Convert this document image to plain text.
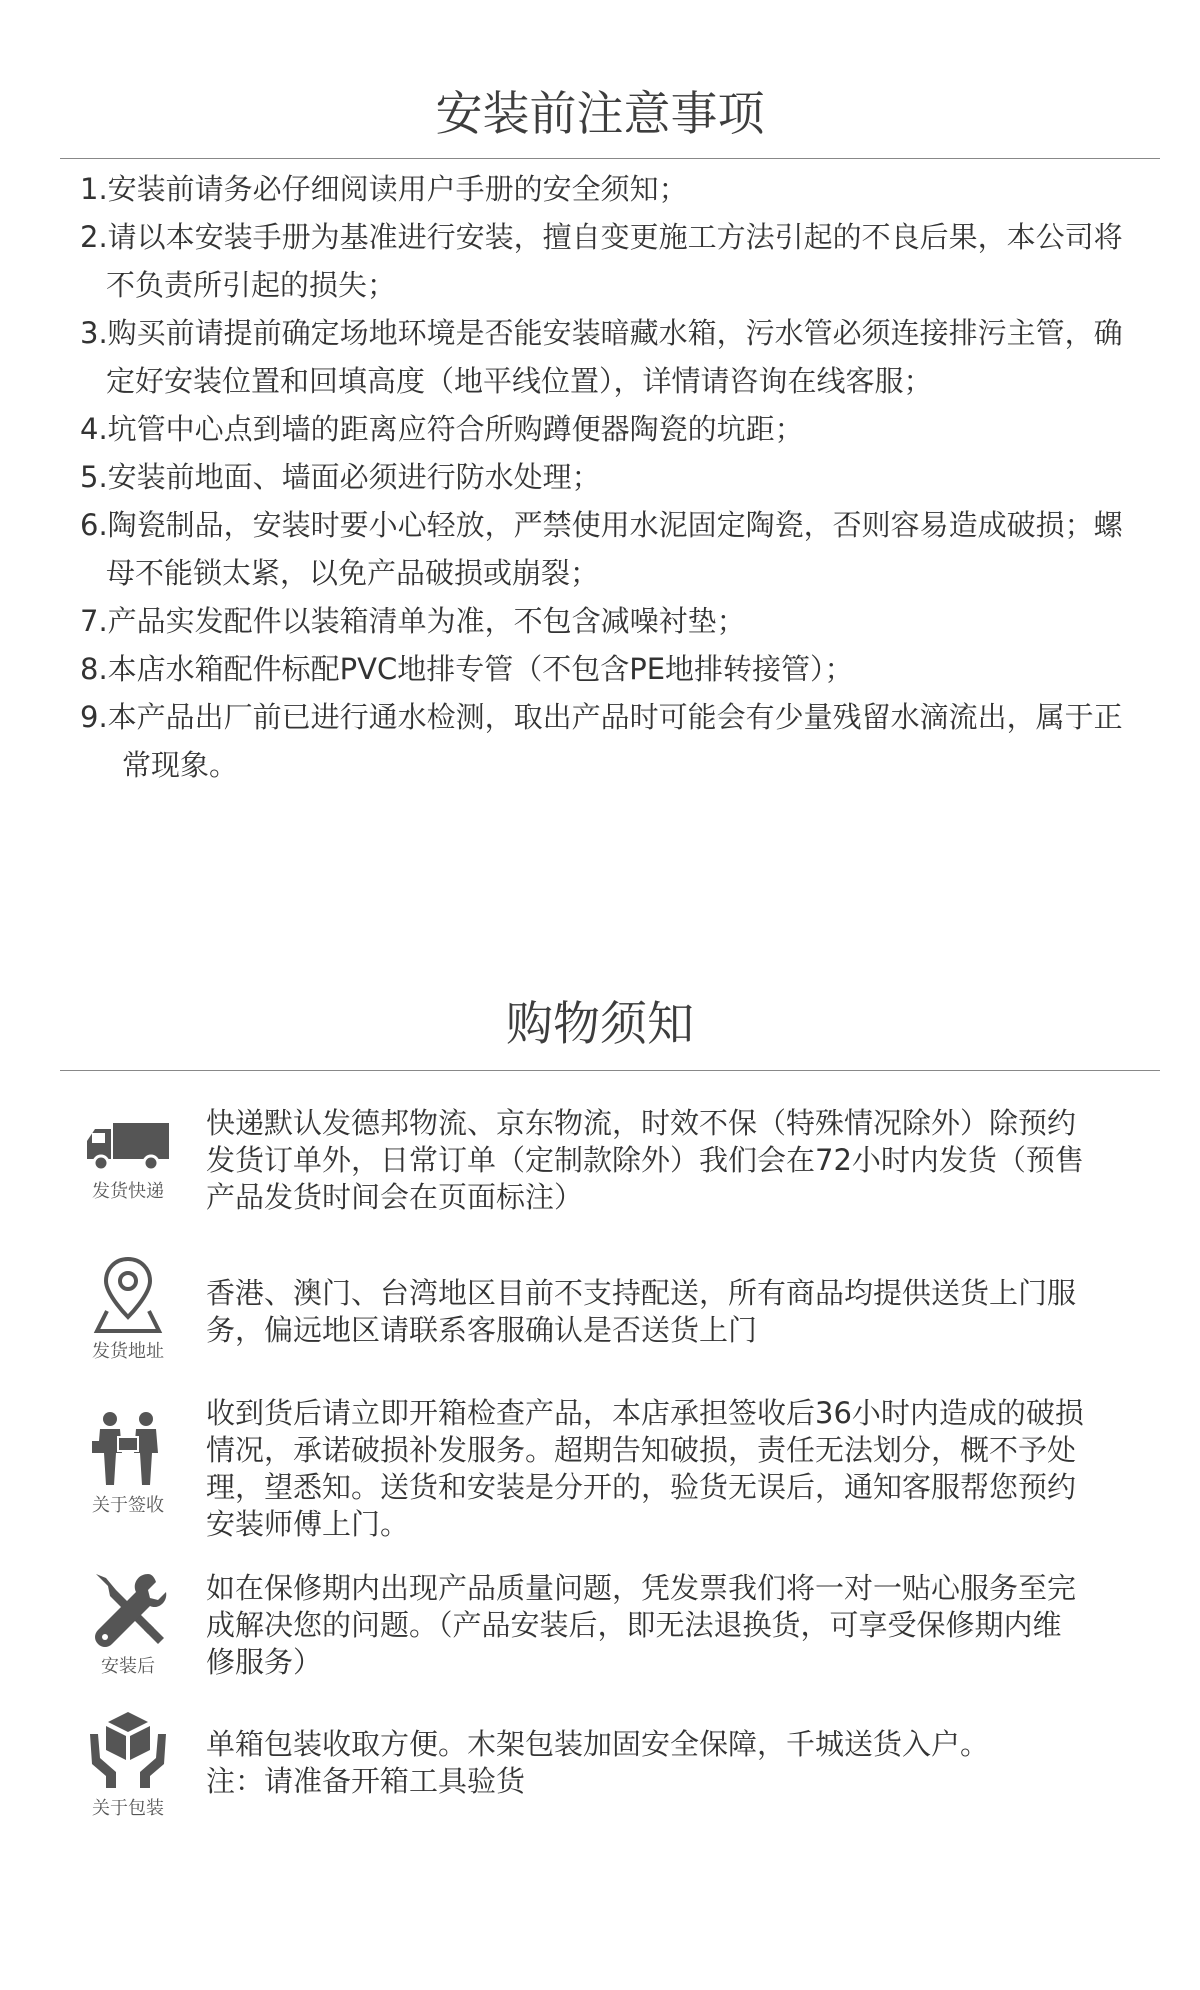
安装前注意事项
1.安装前请务必仔细阅读用户手册的安全须知；
2.请以本安装手册为基准进行安装，擅自变更施工方法引起的不良后果，本公司将不负责所引起的损失；
3.购买前请提前确定场地环境是否能安装暗藏水箱，污水管必须连接排污主管，确定好安装位置和回填高度（地平线位置），详情请咨询在线客服；
4.坑管中心点到墙的距离应符合所购蹲便器陶瓷的坑距；
5.安装前地面、墙面必须进行防水处理；
6.陶瓷制品，安装时要小心轻放，严禁使用水泥固定陶瓷，否则容易造成破损；螺母不能锁太紧，以免产品破损或崩裂；
7.产品实发配件以装箱清单为准，不包含减噪衬垫；
8.本店水箱配件标配PVC地排专管（不包含PE地排转接管）；
9.本产品出厂前已进行通水检测，取出产品时可能会有少量残留水滴流出，属于正常现象。
购物须知
发货快递

快递默认发德邦物流、京东物流，时效不保（特殊情况除外）除预约
发货订单外，日常订单（定制款除外）我们会在72小时内发货（预售
产品发货时间会在页面标注）

发货地址

香港、澳门、台湾地区目前不支持配送，所有商品均提供送货上门服
务，偏远地区请联系客服确认是否送货上门

关于签收

收到货后请立即开箱检查产品，本店承担签收后36小时内造成的破损
情况，承诺破损补发服务。超期告知破损，责任无法划分，概不予处
理，望悉知。送货和安装是分开的，验货无误后，通知客服帮您预约
安装师傅上门。

安装后

如在保修期内出现产品质量问题，凭发票我们将一对一贴心服务至完
成解决您的问题。（产品安装后，即无法退换货，可享受保修期内维
修服务）

关于包装

单箱包装收取方便。木架包装加固安全保障，千城送货入户。
注：请准备开箱工具验货
